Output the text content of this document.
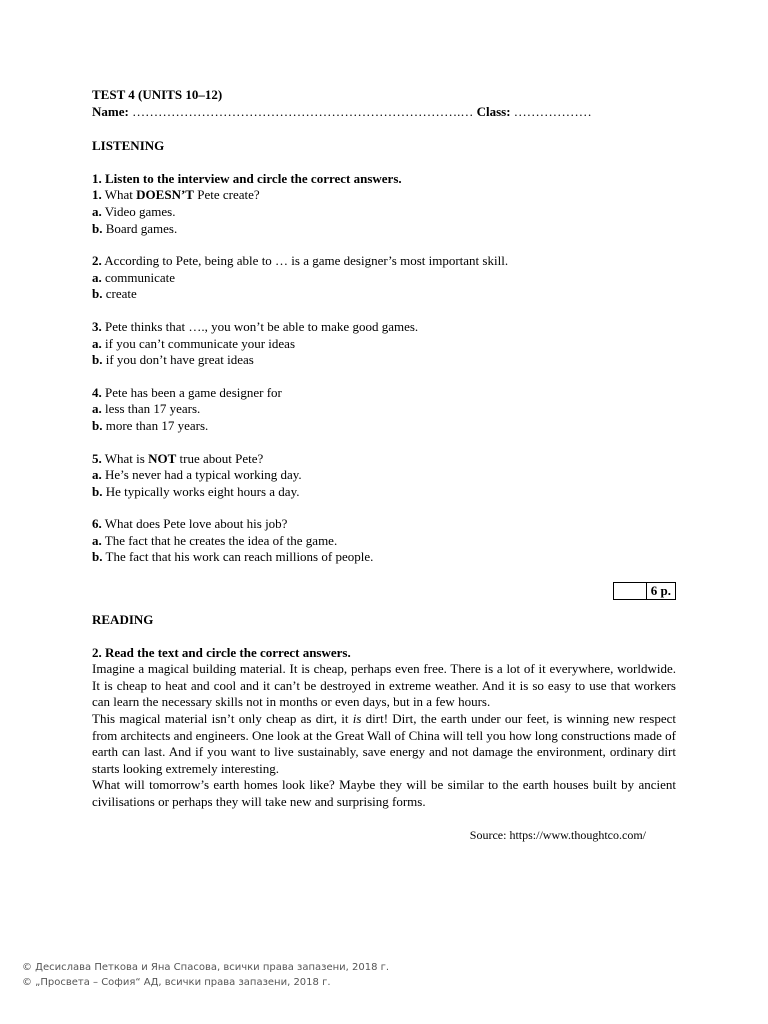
TEST 4 (UNITS 10–12)
Name: ………………………………………………………………….… Class: ………………
LISTENING
1. Listen to the interview and circle the correct answers.
1. What DOESN’T Pete create?
a. Video games.
b. Board games.
2. According to Pete, being able to … is a game designer’s most important skill.
a. communicate
b. create
3. Pete thinks that …., you won’t be able to make good games.
a. if you can’t communicate your ideas
b. if you don’t have great ideas
4. Pete has been a game designer for
a. less than 17 years.
b. more than 17 years.
5. What is NOT true about Pete?
a. He’s never had a typical working day.
b. He typically works eight hours a day.
6. What does Pete love about his job?
a. The fact that he creates the idea of the game.
b. The fact that his work can reach millions of people.
	6 p.
READING
2. Read the text and circle the correct answers.

Imagine a magical building material. It is cheap, perhaps even free. There is a lot of it everywhere, worldwide. It is cheap to heat and cool and it can’t be destroyed in extreme weather. And it is so easy to use that workers can learn the necessary skills not in months or even days, but in a few hours.

This magical material isn’t only cheap as dirt, it is dirt! Dirt, the earth under our feet, is winning new respect from architects and engineers. One look at the Great Wall of China will tell you how long constructions made of earth can last. And if you want to live sustainably, save energy and not damage the environment, ordinary dirt starts looking extremely interesting.

What will tomorrow’s earth homes look like? Maybe they will be similar to the earth houses built by ancient civilisations or perhaps they will take new and surprising forms.

Source: https://www.thoughtco.com/
© Десислава Петкова и Яна Спасова, всички права запазени, 2018 г.
© „Просвета – София“ АД, всички права запазени, 2018 г.
